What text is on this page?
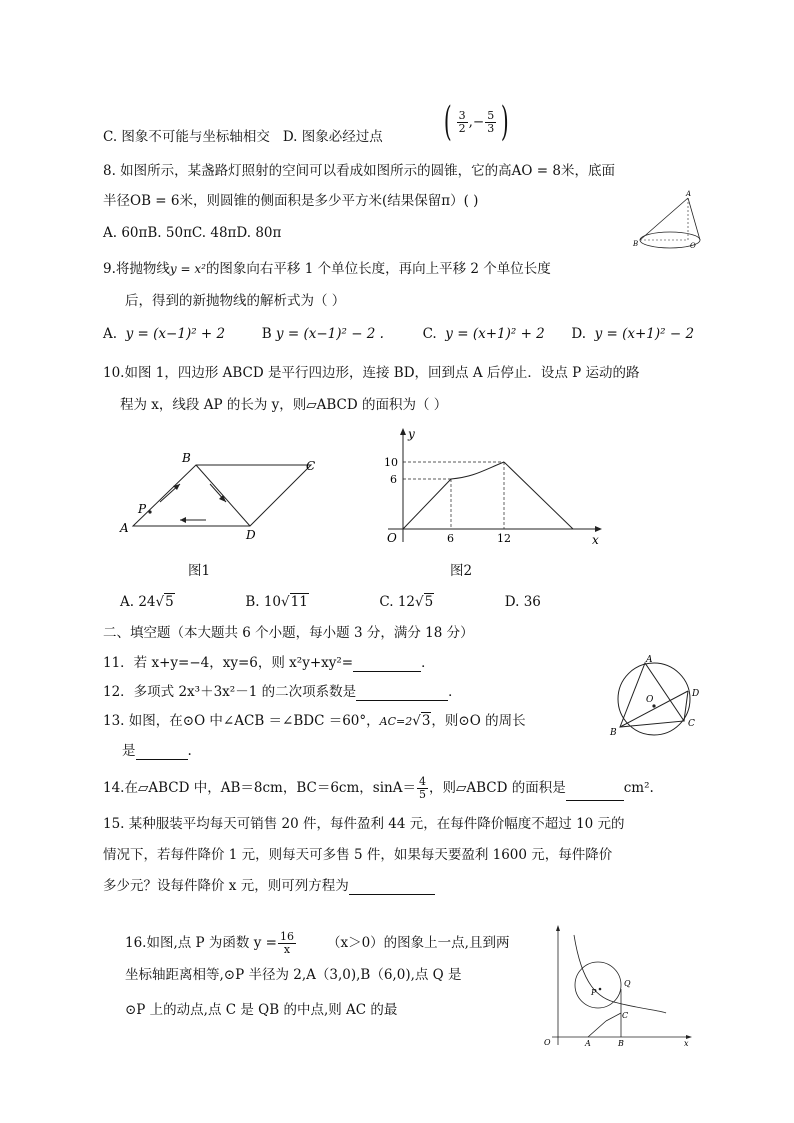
C. 图象不可能与坐标轴相交 D. 图象必经过点 ( $\frac{3}{2}$ , − $\frac{5}{3}$ )
8. 如图所示，某盏路灯照射的空间可以看成如图所示的圆锥，它的高AO = 8米，底面
半径OB = 6米，则圆锥的侧面积是多少平方米(结果保留π）( )
A. 60πB. 50πC. 48πD. 80π
A
B	O
9.将抛物线y = x²的图象向右平移 1 个单位长度，再向上平移 2 个单位长度
后，得到的新抛物线的解析式为（ ）
A. y = (x−1)² + 2	B y = (x−1)² − 2 .	C. y = (x+1)² + 2 D. y = (x+1)² − 2
10.如图 1，四边形 ABCD 是平行四边形，连接 BD，回到点 A 后停止．设点 P 运动的路
程为 x，线段 AP 的长为 y，则▱ABCD 的面积为（ ）
A
B
C
D
P
图1
y
x
O
10
6
6	12
图2
A. 24√5	B. 10√11	C. 12√5	D. 36
二、填空题（本大题共 6 个小题，每小题 3 分，满分 18 分）
11．若 x+y=−4，xy=6，则 x²y+xy²=	．
12．多项式 2x³＋3x²－1 的二次项系数是	．
13. 如图，在⊙O 中∠ACB ＝∠BDC ＝60°，AC=2√3，则⊙O 的周长
是	.
A
O
D
B
C
14.在▱ABCD 中，AB＝8cm，BC＝6cm，$\sin A= \frac{4}{5}$ ，则▱ABCD 的面积是	cm².
15. 某种服装平均每天可销售 20 件，每件盈利 44 元，在每件降价幅度不超过 10 元的
情况下，若每件降价 1 元，则每天可多售 5 件，如果每天要盈利 1600 元，每件降价
多少元？设每件降价 x 元，则可列方程为
16.如图,点 P 为函数 $y = \frac{16}{x} (x>0)$的图象上一点,且到两
坐标轴距离相等,⊙P 半径为 2,A（3,0),B（6,0),点 Q 是
⊙P 上的动点,点 C 是 QB 的中点,则 AC 的最
P
Q
C
O	A	B	x
